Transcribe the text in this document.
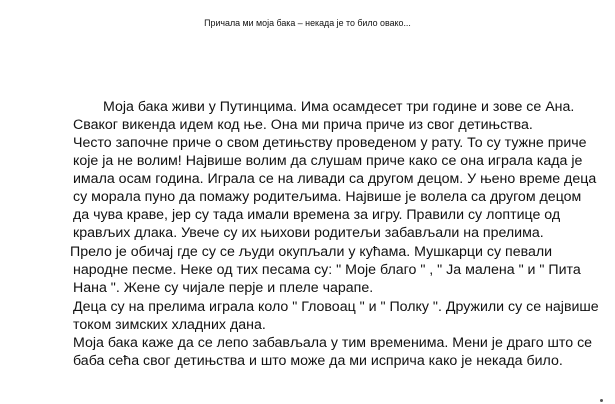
Причала ми моја бака – некада је то било овако...
Моја бака живи у Путинцима. Има осамдесет три године и зове се Ана.
Сваког викенда идем код ње. Она ми прича приче из свог детињства.
Често започне приче о свом детињству проведеном у рату. То су тужне приче
које ја не волим! Највише волим да слушам приче како се она играла када је
имала осам година. Играла се на ливади са другом децом. У њено време деца
су морала пуно да помажу родитељима. Највише је волела са другом децом
да чува краве, јер су тада имали времена за игру. Правили су лоптице од
крављих длака. Увече су их њихови родитељи забављали на прелима.
Прело је обичај где су се људи окупљали у кућама. Мушкарци су певали
народне песме. Неке од тих песама су: " Моје благо " , " Ја малена " и " Пита
Нана ". Жене су чијале перје и плеле чарапе.
Деца су на прелима играла коло " Гловоац " и " Полку ". Дружили су се највише
током зимских хладних дана.
Моја бака каже да се лепо забављала у тим временима. Мени је драго што се
баба сећа свог детињства и што може да ми исприча како је некада било.
